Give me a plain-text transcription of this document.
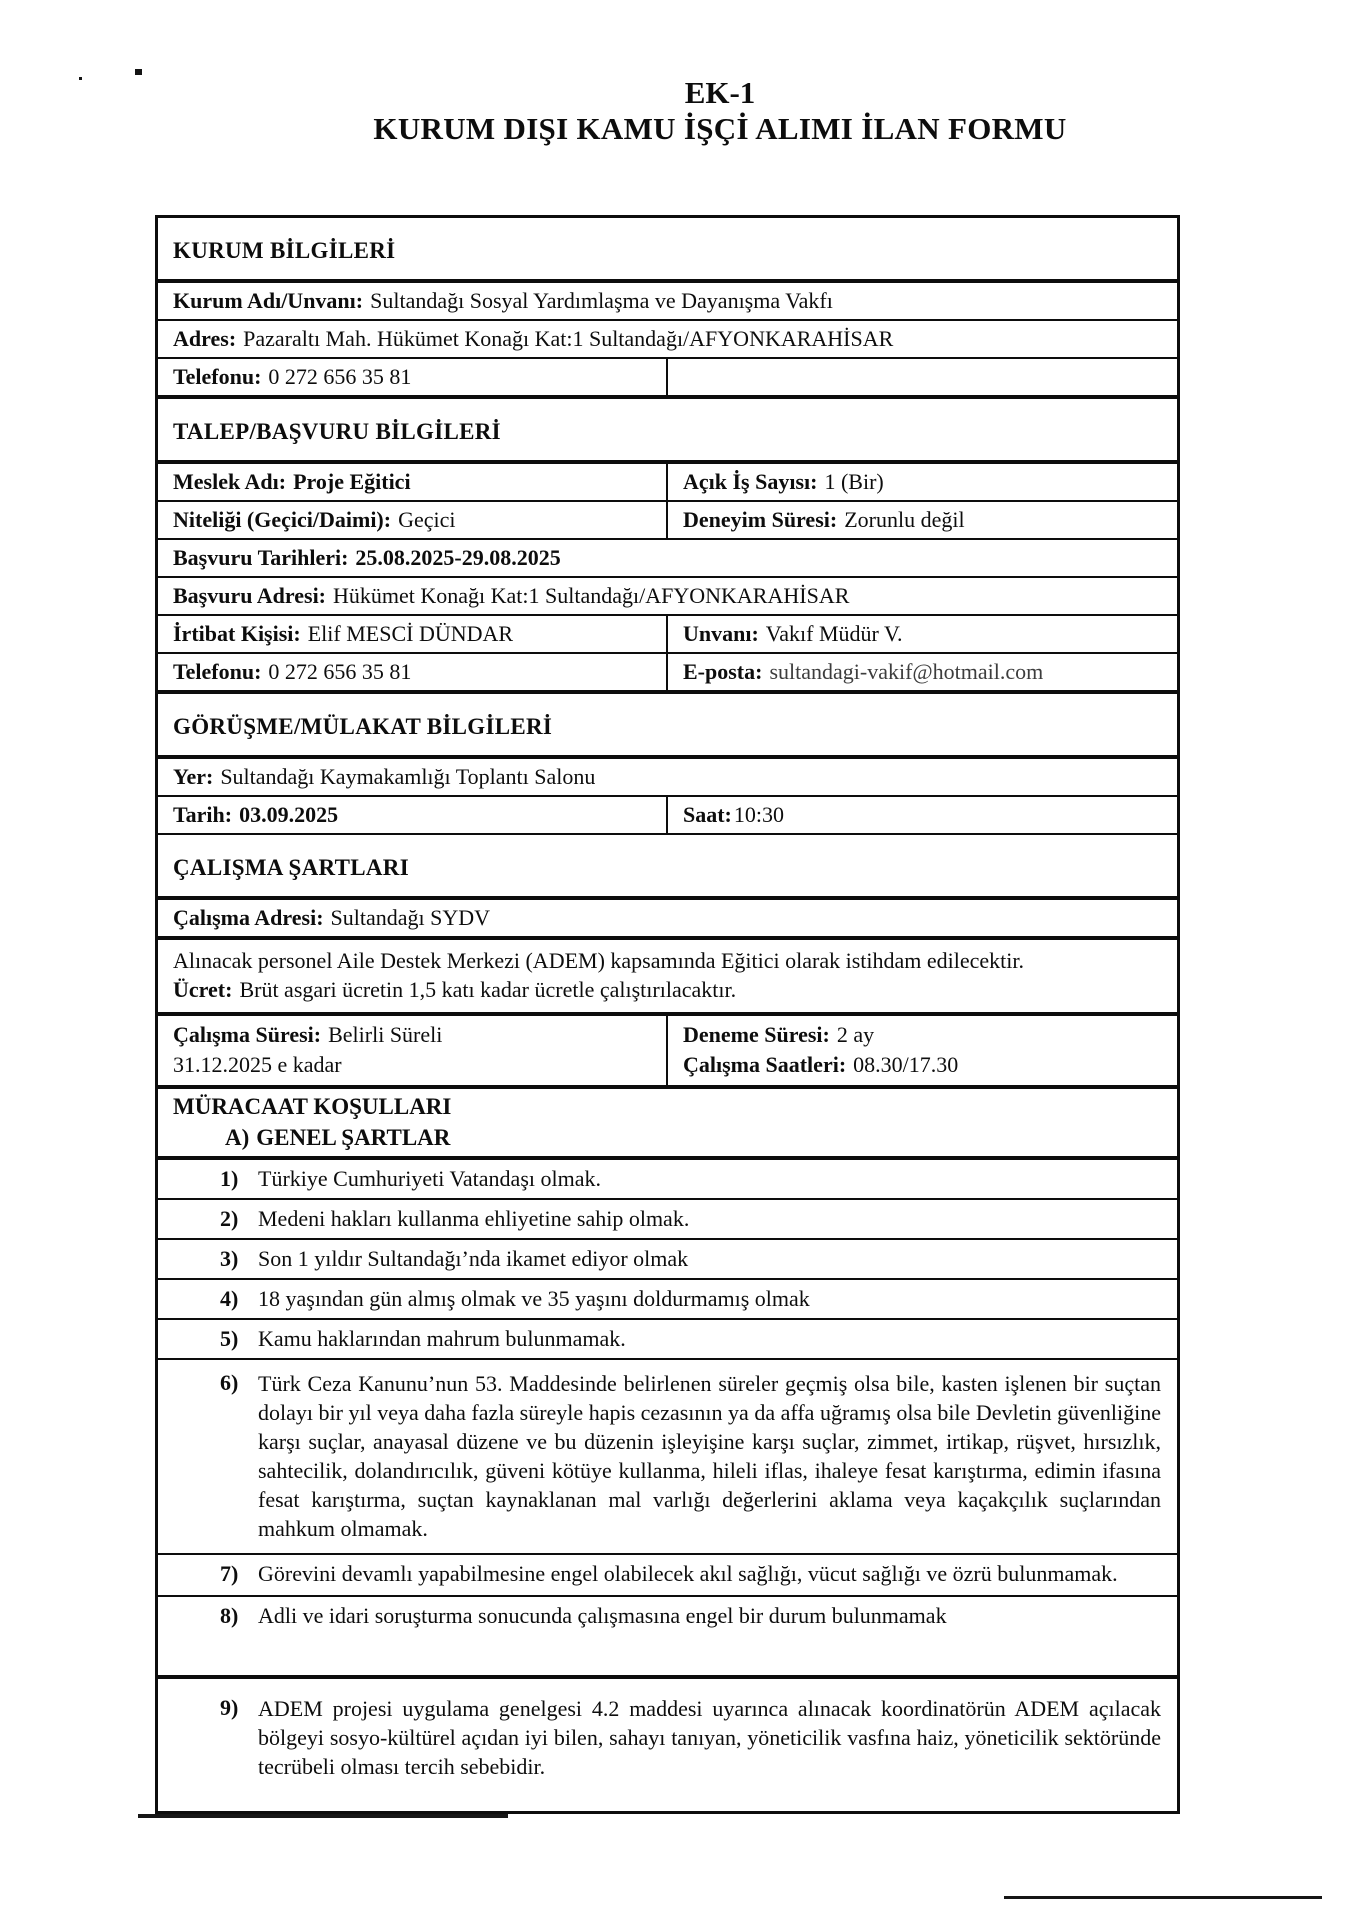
EK-1
KURUM DIŞI KAMU İŞÇİ ALIMI İLAN FORMU
KURUM BİLGİLERİ
Kurum Adı/Unvanı: Sultandağı Sosyal Yardımlaşma ve Dayanışma Vakfı
Adres: Pazaraltı Mah. Hükümet Konağı Kat:1 Sultandağı/AFYONKARAHİSAR
Telefonu: 0 272 656 35 81
TALEP/BAŞVURU BİLGİLERİ
Meslek Adı: Proje Eğitici	Açık İş Sayısı: 1 (Bir)
Niteliği (Geçici/Daimi): Geçici	Deneyim Süresi: Zorunlu değil
Başvuru Tarihleri: 25.08.2025-29.08.2025
Başvuru Adresi: Hükümet Konağı Kat:1 Sultandağı/AFYONKARAHİSAR
İrtibat Kişisi: Elif MESCİ DÜNDAR	Unvanı: Vakıf Müdür V.
Telefonu: 0 272 656 35 81	E-posta: sultandagi-vakif@hotmail.com
GÖRÜŞME/MÜLAKAT BİLGİLERİ
Yer: Sultandağı Kaymakamlığı Toplantı Salonu
Tarih: 03.09.2025	Saat:10:30
ÇALIŞMA ŞARTLARI
Çalışma Adresi: Sultandağı SYDV
Alınacak personel Aile Destek Merkezi (ADEM) kapsamında Eğitici olarak istihdam edilecektir.
Ücret: Brüt asgari ücretin 1,5 katı kadar ücretle çalıştırılacaktır.
Çalışma Süresi: Belirli Süreli
31.12.2025 e kadar
Deneme Süresi: 2 ay
Çalışma Saatleri: 08.30/17.30
MÜRACAAT KOŞULLARI
A) GENEL ŞARTLAR
1) Türkiye Cumhuriyeti Vatandaşı olmak.
2) Medeni hakları kullanma ehliyetine sahip olmak.
3) Son 1 yıldır Sultandağı’nda ikamet ediyor olmak
4) 18 yaşından gün almış olmak ve 35 yaşını doldurmamış olmak
5) Kamu haklarından mahrum bulunmamak.
6) Türk Ceza Kanunu’nun 53. Maddesinde belirlenen süreler geçmiş olsa bile, kasten işlenen bir suçtan dolayı bir yıl veya daha fazla süreyle hapis cezasının ya da affa uğramış olsa bile Devletin güvenliğine karşı suçlar, anayasal düzene ve bu düzenin işleyişine karşı suçlar, zimmet, irtikap, rüşvet, hırsızlık, sahtecilik, dolandırıcılık, güveni kötüye kullanma, hileli iflas, ihaleye fesat karıştırma, edimin ifasına fesat karıştırma, suçtan kaynaklanan mal varlığı değerlerini aklama veya kaçakçılık suçlarından mahkum olmamak.
7) Görevini devamlı yapabilmesine engel olabilecek akıl sağlığı, vücut sağlığı ve özrü bulunmamak.
8) Adli ve idari soruşturma sonucunda çalışmasına engel bir durum bulunmamak
9) ADEM projesi uygulama genelgesi 4.2 maddesi uyarınca alınacak koordinatörün ADEM açılacak bölgeyi sosyo-kültürel açıdan iyi bilen, sahayı tanıyan, yöneticilik vasfına haiz, yöneticilik sektöründe tecrübeli olması tercih sebebidir.
